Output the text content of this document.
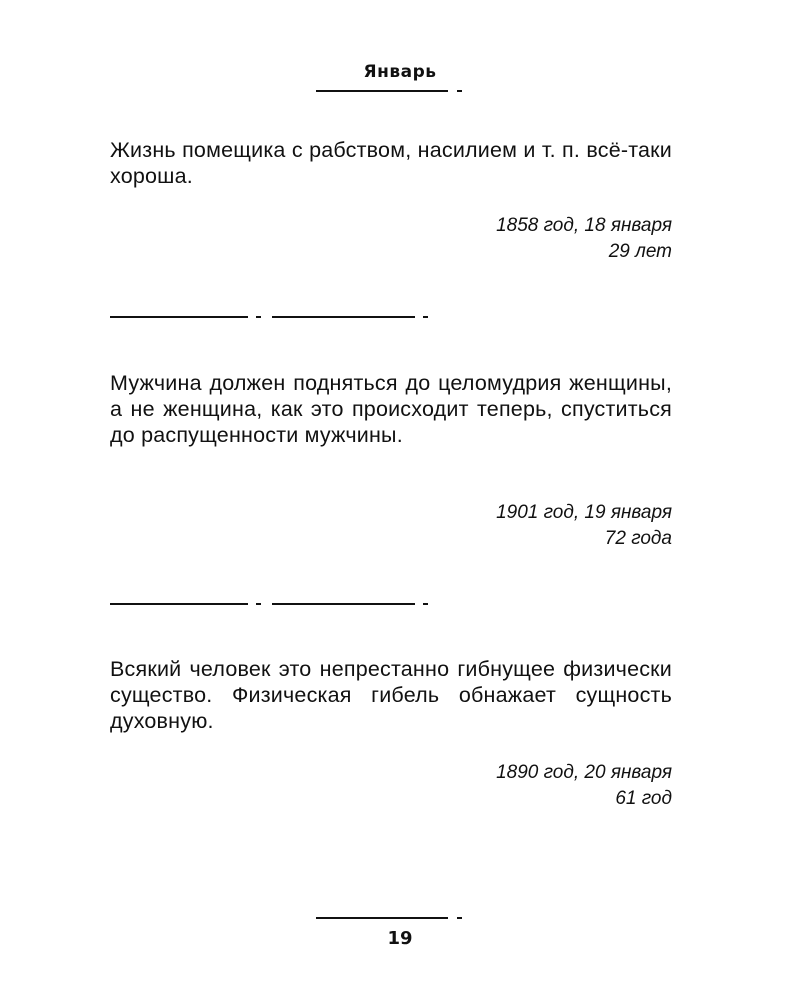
Январь
Жизнь помещика с рабством, насилием и т. п. всё-таки хороша.
1858 год, 18 января
29 лет
Мужчина должен подняться до целомудрия женщины, а не женщина, как это происходит теперь, спуститься до распущенности мужчины.
1901 год, 19 января
72 года
Всякий человек это непрестанно гибнущее физически существо. Физическая гибель обнажает сущность духовную.
1890 год, 20 января
61 год
19
